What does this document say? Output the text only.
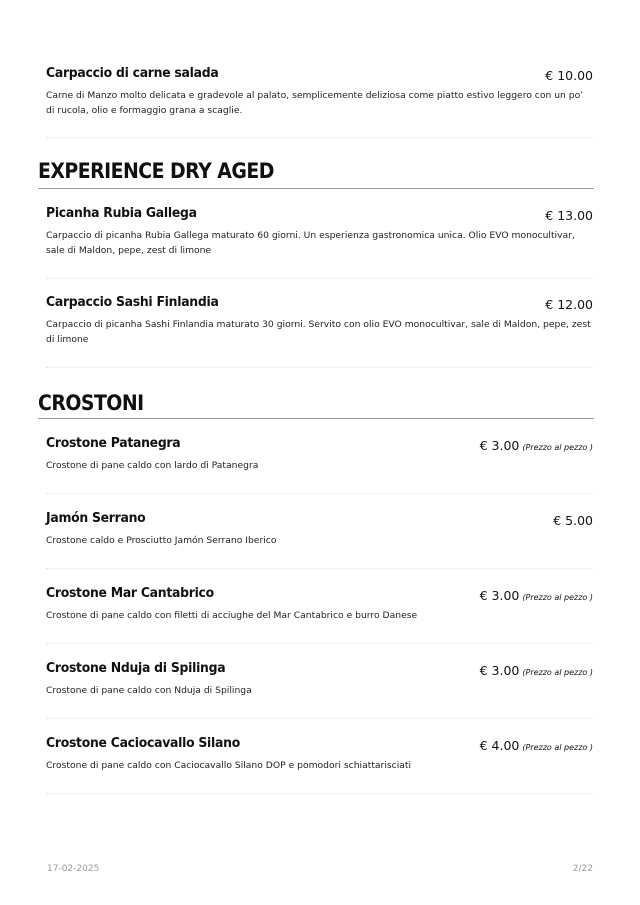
Carpaccio di carne salada	€ 10.00
Carne di Manzo molto delicata e gradevole al palato, semplicemente deliziosa come piatto estivo leggero con un po’ di rucola, olio e formaggio grana a scaglie.
EXPERIENCE DRY AGED
Picanha Rubia Gallega	€ 13.00
Carpaccio di picanha Rubia Gallega maturato 60 giorni. Un esperienza gastronomica unica. Olio EVO monocultivar, sale di Maldon, pepe, zest di limone
Carpaccio Sashi Finlandia	€ 12.00
Carpaccio di picanha Sashi Finlandia maturato 30 giorni. Servito con olio EVO monocultivar, sale di Maldon, pepe, zest di limone
CROSTONI
Crostone Patanegra	€ 3.00 (Prezzo al pezzo )
Crostone di pane caldo con lardo di Patanegra
Jamón Serrano	€ 5.00
Crostone caldo e Prosciutto Jamón Serrano Iberico
Crostone Mar Cantabrico	€ 3.00 (Prezzo al pezzo )
Crostone di pane caldo con filetti di acciughe del Mar Cantabrico e burro Danese
Crostone Nduja di Spilinga	€ 3.00 (Prezzo al pezzo )
Crostone di pane caldo con Nduja di Spilinga
Crostone Caciocavallo Silano	€ 4.00 (Prezzo al pezzo )
Crostone di pane caldo con Caciocavallo Silano DOP e pomodori schiattarisciati
17-02-2025	2/22
